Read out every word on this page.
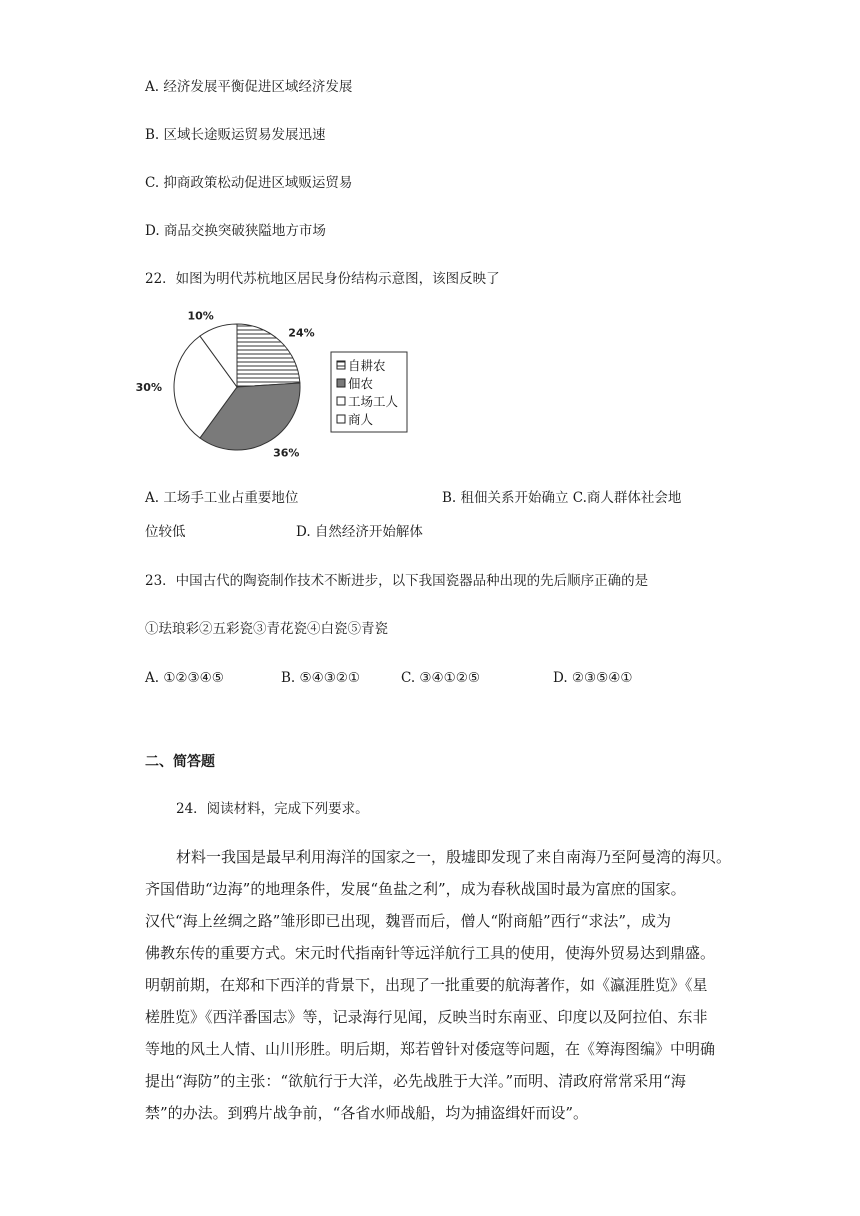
A. 经济发展平衡促进区域经济发展
B. 区域长途贩运贸易发展迅速
C. 抑商政策松动促进区域贩运贸易
D. 商品交换突破狭隘地方市场
22．如图为明代苏杭地区居民身份结构示意图，该图反映了
24%
36%
30%
10%
自耕农
佃农
工场工人
商人
A. 工场手工业占重要地位	B. 租佃关系开始确立 C.商人群体社会地
位较低	D. 自然经济开始解体
23．中国古代的陶瓷制作技术不断进步，以下我国瓷器品种出现的先后顺序正确的是
①珐琅彩②五彩瓷③青花瓷④白瓷⑤青瓷
A. ①②③④⑤	B. ⑤④③②①	C. ③④①②⑤	D. ②③⑤④①
二、简答题
24．阅读材料，完成下列要求。
材料一我国是最早利用海洋的国家之一，殷墟即发现了来自南海乃至阿曼湾的海贝。
齐国借助“边海”的地理条件，发展“鱼盐之利”，成为春秋战国时最为富庶的国家。
汉代“海上丝绸之路”雏形即已出现，魏晋而后，僧人“附商船”西行“求法”，成为
佛教东传的重要方式。宋元时代指南针等远洋航行工具的使用，使海外贸易达到鼎盛。
明朝前期，在郑和下西洋的背景下，出现了一批重要的航海著作，如《瀛涯胜览》《星
槎胜览》《西洋番国志》等，记录海行见闻，反映当时东南亚、印度以及阿拉伯、东非
等地的风土人情、山川形胜。明后期，郑若曾针对倭寇等问题，在《筹海图编》中明确
提出“海防”的主张：“欲航行于大洋，必先战胜于大洋。”而明、清政府常常采用“海
禁”的办法。到鸦片战争前，“各省水师战船，均为捕盗缉奸而设”。
